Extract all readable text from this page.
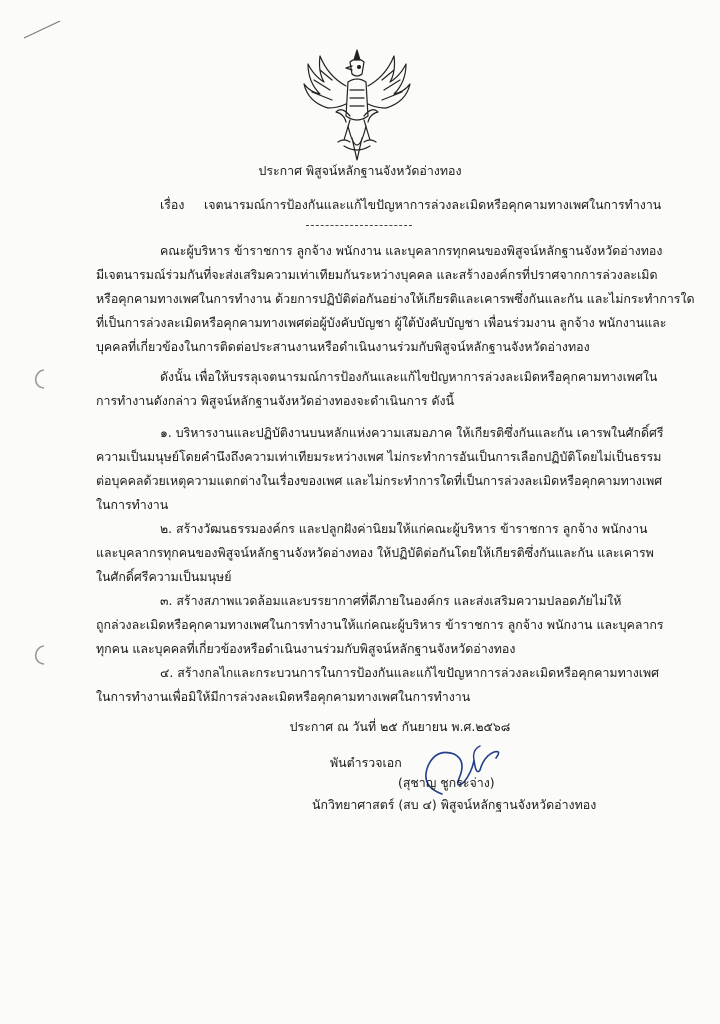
ประกาศ พิสูจน์หลักฐานจังหวัดอ่างทอง
เรื่อง เจตนารมณ์การป้องกันและแก้ไขปัญหาการล่วงละเมิดหรือคุกคามทางเพศในการทำงาน
คณะผู้บริหาร ข้าราชการ ลูกจ้าง พนักงาน และบุคลากรทุกคนของพิสูจน์หลักฐานจังหวัดอ่างทอง
มีเจตนารมณ์ร่วมกันที่จะส่งเสริมความเท่าเทียมกันระหว่างบุคคล และสร้างองค์กรที่ปราศจากการล่วงละเมิด
หรือคุกคามทางเพศในการทำงาน ด้วยการปฏิบัติต่อกันอย่างให้เกียรติและเคารพซึ่งกันและกัน และไม่กระทำการใด
ที่เป็นการล่วงละเมิดหรือคุกคามทางเพศต่อผู้บังคับบัญชา ผู้ใต้บังคับบัญชา เพื่อนร่วมงาน ลูกจ้าง พนักงานและ
บุคคลที่เกี่ยวข้องในการติดต่อประสานงานหรือดำเนินงานร่วมกับพิสูจน์หลักฐานจังหวัดอ่างทอง
ดังนั้น เพื่อให้บรรลุเจตนารมณ์การป้องกันและแก้ไขปัญหาการล่วงละเมิดหรือคุกคามทางเพศใน
การทำงานดังกล่าว พิสูจน์หลักฐานจังหวัดอ่างทองจะดำเนินการ ดังนี้
๑. บริหารงานและปฏิบัติงานบนหลักแห่งความเสมอภาค ให้เกียรติซึ่งกันและกัน เคารพในศักดิ์ศรี
ความเป็นมนุษย์โดยคำนึงถึงความเท่าเทียมระหว่างเพศ ไม่กระทำการอันเป็นการเลือกปฏิบัติโดยไม่เป็นธรรม
ต่อบุคคลด้วยเหตุความแตกต่างในเรื่องของเพศ และไม่กระทำการใดที่เป็นการล่วงละเมิดหรือคุกคามทางเพศ
ในการทำงาน
๒. สร้างวัฒนธรรมองค์กร และปลูกฝังค่านิยมให้แก่คณะผู้บริหาร ข้าราชการ ลูกจ้าง พนักงาน
และบุคลากรทุกคนของพิสูจน์หลักฐานจังหวัดอ่างทอง ให้ปฏิบัติต่อกันโดยให้เกียรติซึ่งกันและกัน และเคารพ
ในศักดิ์ศรีความเป็นมนุษย์
๓. สร้างสภาพแวดล้อมและบรรยากาศที่ดีภายในองค์กร และส่งเสริมความปลอดภัยไม่ให้
ถูกล่วงละเมิดหรือคุกคามทางเพศในการทำงานให้แก่คณะผู้บริหาร ข้าราชการ ลูกจ้าง พนักงาน และบุคลากร
ทุกคน และบุคคลที่เกี่ยวข้องหรือดำเนินงานร่วมกับพิสูจน์หลักฐานจังหวัดอ่างทอง
๔. สร้างกลไกและกระบวนการในการป้องกันและแก้ไขปัญหาการล่วงละเมิดหรือคุกคามทางเพศ
ในการทำงานเพื่อมิให้มีการล่วงละเมิดหรือคุกคามทางเพศในการทำงาน
ประกาศ ณ วันที่ ๒๕ กันยายน พ.ศ.๒๕๖๘
พันตำรวจเอก
(สุชาญ ชูกระจ่าง)
นักวิทยาศาสตร์ (สบ ๔) พิสูจน์หลักฐานจังหวัดอ่างทอง
